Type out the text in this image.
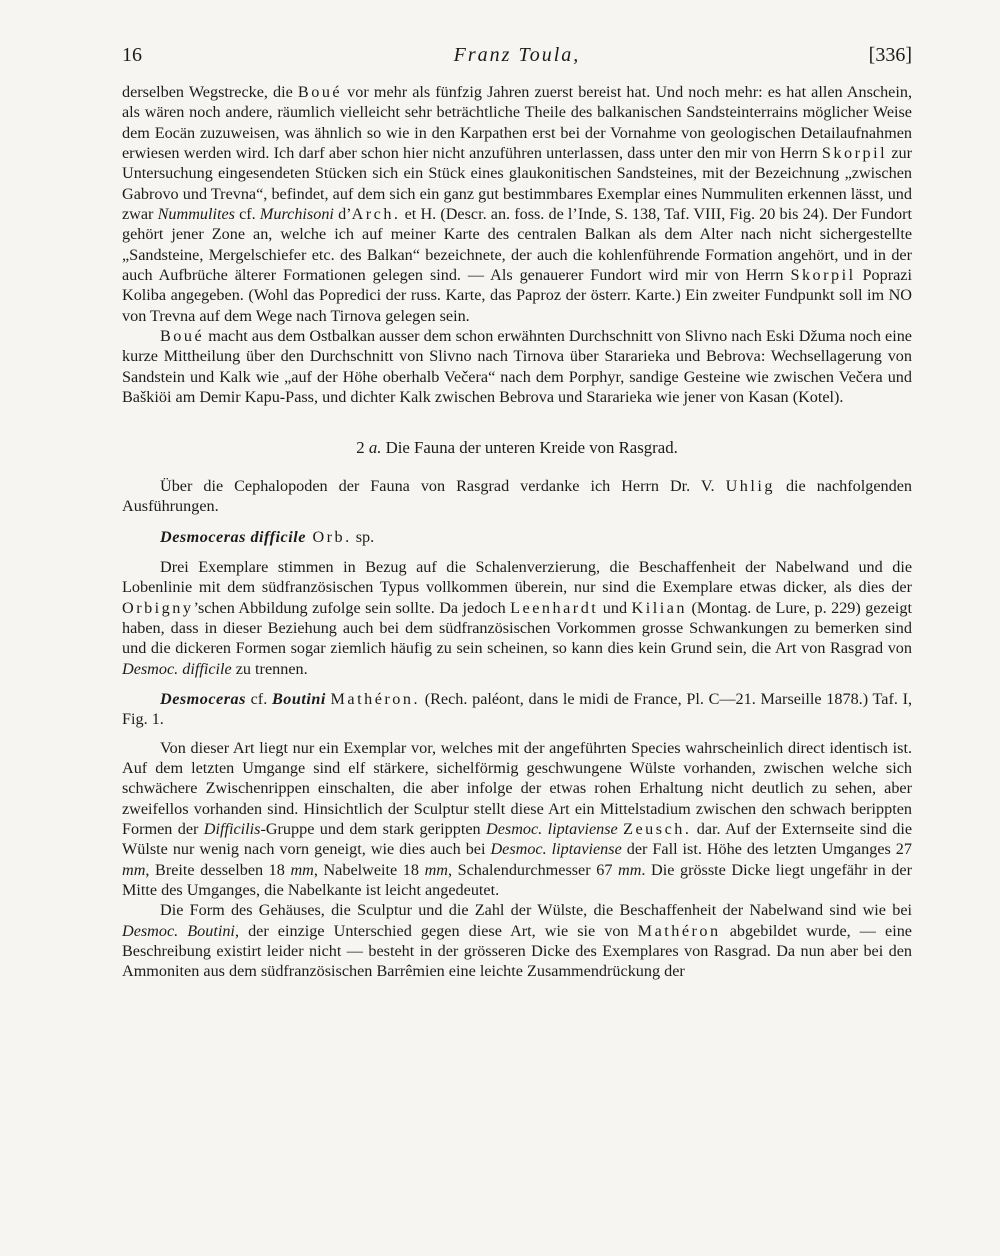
16	Franz Toula,	[336]

derselben Wegstrecke, die Boué vor mehr als fünfzig Jahren zuerst bereist hat. Und noch mehr: es hat allen Anschein, als wären noch andere, räumlich vielleicht sehr beträchtliche Theile des balkanischen Sandsteinterrains möglicher Weise dem Eocän zuzuweisen, was ähnlich so wie in den Karpathen erst bei der Vornahme von geologischen Detailaufnahmen erwiesen werden wird. Ich darf aber schon hier nicht anzuführen unterlassen, dass unter den mir von Herrn Skorpil zur Untersuchung eingesendeten Stücken sich ein Stück eines glaukonitischen Sandsteines, mit der Bezeichnung „zwischen Gabrovo und Trevna“, befindet, auf dem sich ein ganz gut bestimmbares Exemplar eines Nummuliten erkennen lässt, und zwar Nummulites cf. Murchisoni d’Arch. et H. (Descr. an. foss. de l’Inde, S. 138, Taf. VIII, Fig. 20 bis 24). Der Fundort gehört jener Zone an, welche ich auf meiner Karte des centralen Balkan als dem Alter nach nicht sichergestellte „Sandsteine, Mergelschiefer etc. des Balkan“ bezeichnete, der auch die kohlenführende Formation angehört, und in der auch Aufbrüche älterer Formationen gelegen sind. — Als genauerer Fundort wird mir von Herrn Skorpil Poprazi Koliba angegeben. (Wohl das Popredici der russ. Karte, das Paproz der österr. Karte.) Ein zweiter Fundpunkt soll im NO von Trevna auf dem Wege nach Tirnova gelegen sein.

Boué macht aus dem Ostbalkan ausser dem schon erwähnten Durchschnitt von Slivno nach Eski Džuma noch eine kurze Mittheilung über den Durchschnitt von Slivno nach Tirnova über Stararieka und Bebrova: Wechsellagerung von Sandstein und Kalk wie „auf der Höhe oberhalb Večera“ nach dem Porphyr, sandige Gesteine wie zwischen Večera und Baškiöi am Demir Kapu-Pass, und dichter Kalk zwischen Bebrova und Stararieka wie jener von Kasan (Kotel).

2 a. Die Fauna der unteren Kreide von Rasgrad.

Über die Cephalopoden der Fauna von Rasgrad verdanke ich Herrn Dr. V. Uhlig die nachfolgenden Ausführungen.

Desmoceras difficile Orb. sp.

Drei Exemplare stimmen in Bezug auf die Schalenverzierung, die Beschaffenheit der Nabelwand und die Lobenlinie mit dem südfranzösischen Typus vollkommen überein, nur sind die Exemplare etwas dicker, als dies der Orbigny’schen Abbildung zufolge sein sollte. Da jedoch Leenhardt und Kilian (Montag. de Lure, p. 229) gezeigt haben, dass in dieser Beziehung auch bei dem südfranzösischen Vorkommen grosse Schwankungen zu bemerken sind und die dickeren Formen sogar ziemlich häufig zu sein scheinen, so kann dies kein Grund sein, die Art von Rasgrad von Desmoc. difficile zu trennen.

Desmoceras cf. Boutini Mathéron. (Rech. paléont, dans le midi de France, Pl. C—21. Marseille 1878.) Taf. I, Fig. 1.

Von dieser Art liegt nur ein Exemplar vor, welches mit der angeführten Species wahrscheinlich direct identisch ist. Auf dem letzten Umgange sind elf stärkere, sichelförmig geschwungene Wülste vorhanden, zwischen welche sich schwächere Zwischenrippen einschalten, die aber infolge der etwas rohen Erhaltung nicht deutlich zu sehen, aber zweifellos vorhanden sind. Hinsichtlich der Sculptur stellt diese Art ein Mittelstadium zwischen den schwach berippten Formen der Difficilis-Gruppe und dem stark gerippten Desmoc. liptaviense Zeusch. dar. Auf der Externseite sind die Wülste nur wenig nach vorn geneigt, wie dies auch bei Desmoc. liptaviense der Fall ist. Höhe des letzten Umganges 27 mm, Breite desselben 18 mm, Nabelweite 18 mm, Schalendurchmesser 67 mm. Die grösste Dicke liegt ungefähr in der Mitte des Umganges, die Nabelkante ist leicht angedeutet.

Die Form des Gehäuses, die Sculptur und die Zahl der Wülste, die Beschaffenheit der Nabelwand sind wie bei Desmoc. Boutini, der einzige Unterschied gegen diese Art, wie sie von Mathéron abgebildet wurde, — eine Beschreibung existirt leider nicht — besteht in der grösseren Dicke des Exemplares von Rasgrad. Da nun aber bei den Ammoniten aus dem südfranzösischen Barrêmien eine leichte Zusammendrückung der
